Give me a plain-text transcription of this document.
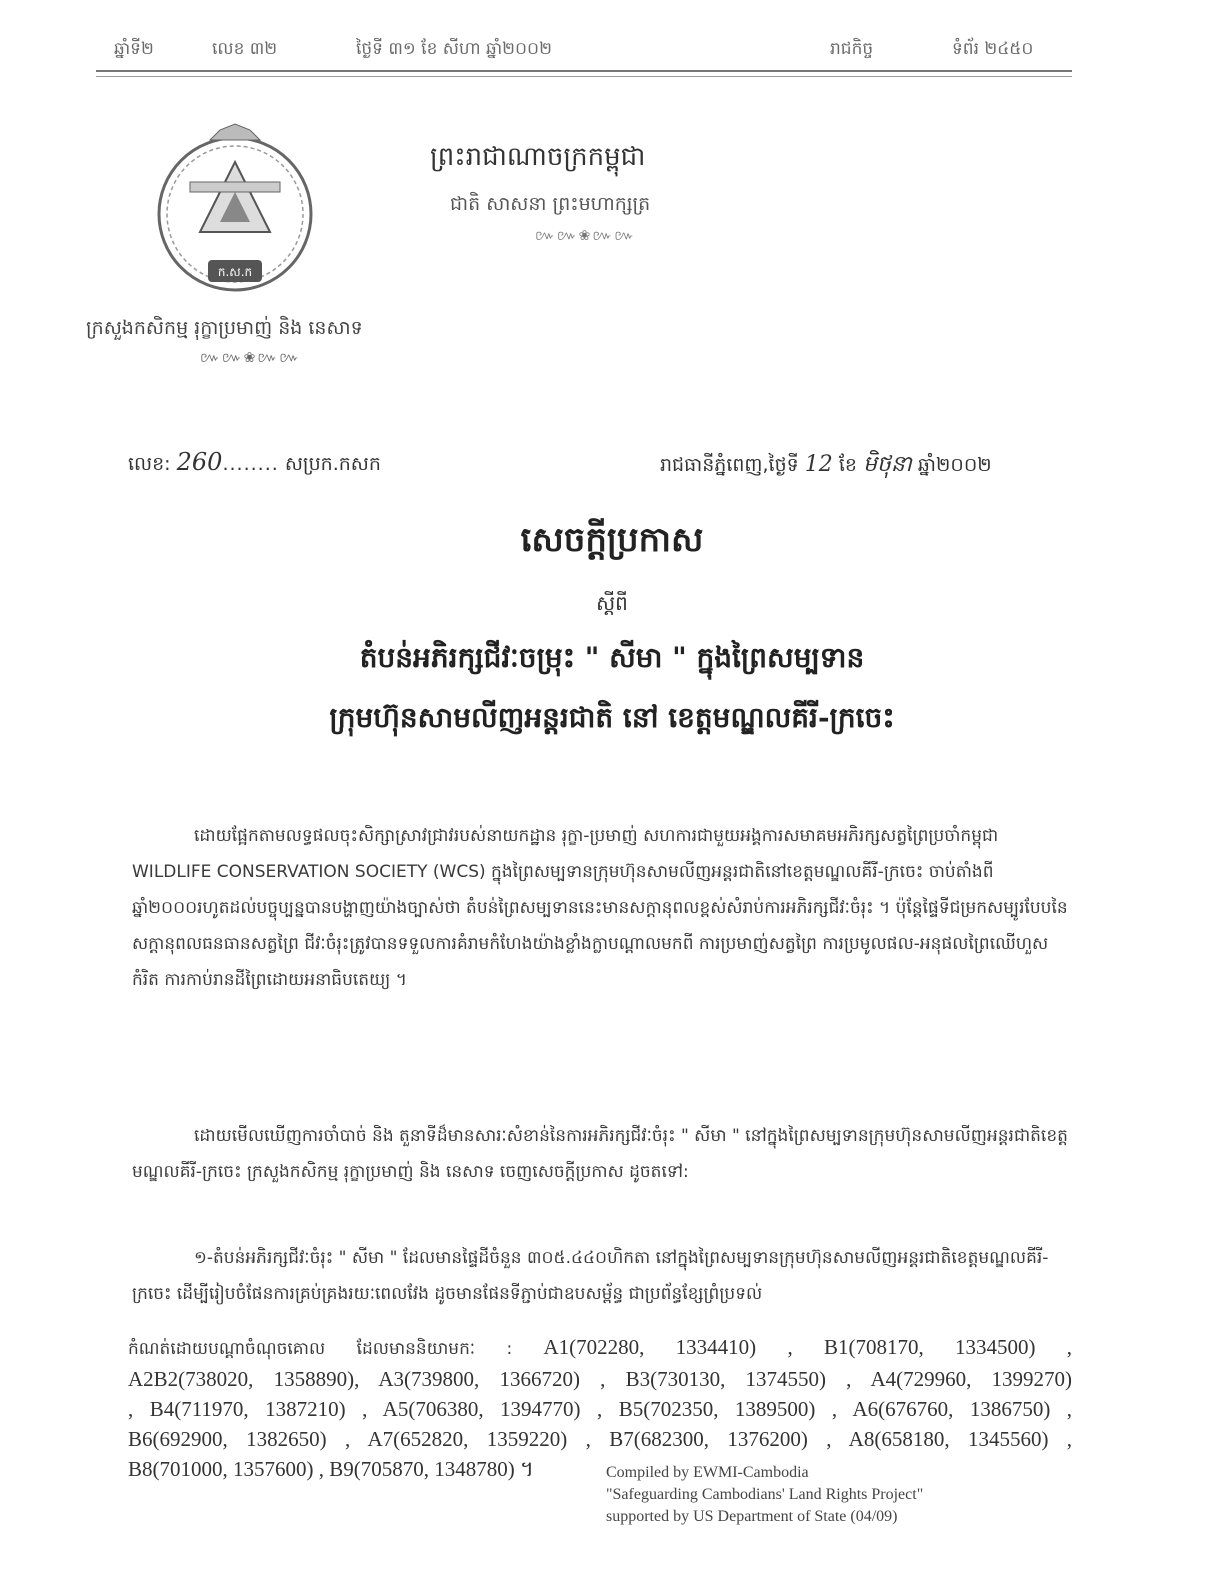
ឆ្នាំទី២	លេខ ៣២	ថ្ងៃទី ៣១ ខែ សីហា ឆ្នាំ២០០២	រាជកិច្ច	ទំព័រ ២៤៥០
ក.ស.ក
ក្រសួងកសិកម្ម រុក្ខាប្រមាញ់ និង នេសាទ
៚៚❀៚៚
ព្រះរាជាណាចក្រកម្ពុជា
ជាតិ សាសនា ព្រះមហាក្សត្រ
៚៚❀៚៚
លេខ: 260........ សប្រក.កសក	រាជធានីភ្នំពេញ,ថ្ងៃទី 12 ខែ មិថុនា ឆ្នាំ២០០២
សេចក្តីប្រកាស
ស្តីពី
តំបន់អភិរក្សជីវៈចម្រុះ " សីមា " ក្នុងព្រៃសម្បទាន
ក្រុមហ៊ុនសាមលីញអន្តរជាតិ នៅ ខេត្តមណ្ឌលគីរី-ក្រចេះ
ដោយផ្អែកតាមលទ្ធផលចុះសិក្សាស្រាវជ្រាវរបស់នាយកដ្ឋាន រុក្ខា-ប្រមាញ់ សហការជាមួយអង្គការសមាគមអភិរក្សសត្វព្រៃប្រចាំកម្ពុជា WILDLIFE CONSERVATION SOCIETY (WCS) ក្នុងព្រៃសម្បទានក្រុមហ៊ុនសាមលីញអន្តរជាតិនៅខេត្តមណ្ឌលគីរី-ក្រចេះ ចាប់តាំងពីឆ្នាំ២០០០រហូតដល់បច្ចុប្បន្នបានបង្ហាញយ៉ាងច្បាស់ថា តំបន់ព្រៃសម្បទាននេះមានសក្តានុពលខ្ពស់សំរាប់ការអភិរក្សជីវៈចំរុះ ។ ប៉ុន្តែផ្ទៃទីជម្រកសម្បូរបែបនៃសក្តានុពលធនធានសត្វព្រៃ ជីវៈចំរុះត្រូវបានទទួលការគំរាមកំហែងយ៉ាងខ្លាំងក្លាបណ្តាលមកពី ការប្រមាញ់សត្វព្រៃ ការប្រមូលផល-អនុផលព្រៃឈើហួសកំរិត ការកាប់រានដីព្រៃដោយអនាធិបតេយ្យ ។
ដោយមើលឃើញការចាំបាច់ និង តួនាទីដ៏មានសារៈសំខាន់នៃការអភិរក្សជីវៈចំរុះ " សីមា " នៅក្នុងព្រៃសម្បទានក្រុមហ៊ុនសាមលីញអន្តរជាតិខេត្តមណ្ឌលគីរី-ក្រចេះ ក្រសួងកសិកម្ម រុក្ខាប្រមាញ់ និង នេសាទ ចេញសេចក្តីប្រកាស ដូចតទៅ:
១-តំបន់អភិរក្សជីវៈចំរុះ " សីមា " ដែលមានផ្ទៃដីចំនួន ៣០៥.៤៤០ហិកតា នៅក្នុងព្រៃសម្បទានក្រុមហ៊ុនសាមលីញអន្តរជាតិខេត្តមណ្ឌលគីរី-ក្រចេះ ដើម្បីរៀបចំផែនការគ្រប់គ្រងរយៈពេលវែង ដូចមានផែនទីភ្ជាប់ជាឧបសម្ព័ន្ធ ជាប្រព័ន្ធខ្សែព្រំប្រទល់
កំណត់ដោយបណ្តាចំណុចគោល ដែលមាននិយាមកៈ : A1(702280, 1334410) , B1(708170, 1334500) , A2B2(738020, 1358890), A3(739800, 1366720) , B3(730130, 1374550) , A4(729960, 1399270) , B4(711970, 1387210) , A5(706380, 1394770) , B5(702350, 1389500) , A6(676760, 1386750) , B6(692900, 1382650) , A7(652820, 1359220) , B7(682300, 1376200) , A8(658180, 1345560) , B8(701000, 1357600) , B9(705870, 1348780) ។	Compiled by EWMI-Cambodia
"Safeguarding Cambodians' Land Rights Project"
supported by US Department of State (04/09)
